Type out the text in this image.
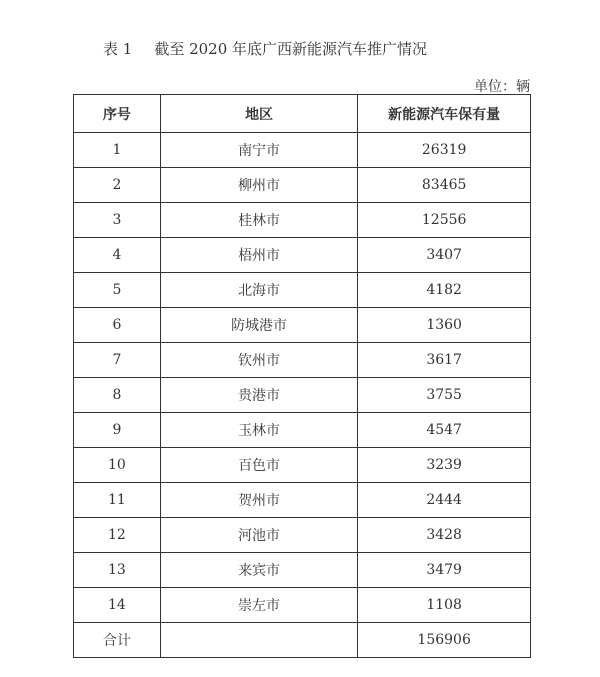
表 1 截至 2020 年底广西新能源汽车推广情况
单位：辆
序号	地区	新能源汽车保有量
1	南宁市	26319
2	柳州市	83465
3	桂林市	12556
4	梧州市	3407
5	北海市	4182
6	防城港市	1360
7	钦州市	3617
8	贵港市	3755
9	玉林市	4547
10	百色市	3239
11	贺州市	2444
12	河池市	3428
13	来宾市	3479
14	崇左市	1108
合计		156906
